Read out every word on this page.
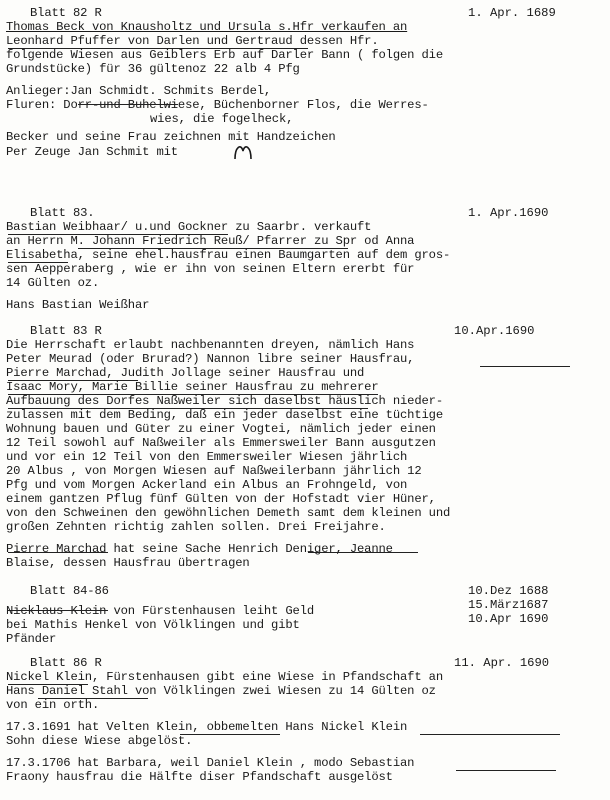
Blatt 82 R	1. Apr. 1689
Thomas Beck von Knausholtz und Ursula s.Hfr verkaufen an
Leonhard Pfuffer von Darlen und Gertraud dessen Hfr.
folgende Wiesen aus Geiblers Erb auf Darler Bann ( folgen die
Grundstücke) für 36 gültenoz 22 alb 4 Pfg
Anlieger:Jan Schmidt. Schmits Berdel,
Fluren: Dorr-und Buhelwiese, Büchenborner Flos, die Werres-
wies, die fogelheck,
Becker und seine Frau zeichnen mit Handzeichen
Per Zeuge Jan Schmit mit
Blatt 83.	1. Apr.1690
Bastian Weibhaar/ u.und Gockner zu Saarbr. verkauft
an Herrn M. Johann Friedrich Reuß/ Pfarrer zu Spr od Anna
Elisabetha, seine ehel.hausfrau einen Baumgarten auf dem gros-
sen Aepperaberg , wie er ihn von seinen Eltern ererbt für
14 Gülten oz.
Hans Bastian Weißhar
Blatt 83 R	10.Apr.1690
Die Herrschaft erlaubt nachbenannten dreyen, nämlich Hans
Peter Meurad (oder Brurad?) Nannon libre seiner Hausfrau,
Pierre Marchad, Judith Jollage seiner Hausfrau und
Isaac Mory, Marie Billie seiner Hausfrau zu mehrerer
Aufbauung des Dorfes Naßweiler sich daselbst häuslich nieder-
zulassen mit dem Beding, daß ein jeder daselbst eine tüchtige
Wohnung bauen und Güter zu einer Vogtei, nämlich jeder einen
12 Teil sowohl auf Naßweiler als Emmersweiler Bann ausgutzen
und vor ein 12 Teil von den Emmersweiler Wiesen jährlich
20 Albus , von Morgen Wiesen auf Naßweilerbann jährlich 12
Pfg und vom Morgen Ackerland ein Albus an Frohngeld, von
einem gantzen Pflug fünf Gülten von der Hofstadt vier Hüner,
von den Schweinen den gewöhnlichen Demeth samt dem kleinen und
großen Zehnten richtig zahlen sollen. Drei Freijahre.
Pierre Marchad hat seine Sache Henrich Deniger, Jeanne
Blaise, dessen Hausfrau übertragen
Blatt 84-86	10.Dez 1688
15.März1687
10.Apr 1690
Nicklaus Klein von Fürstenhausen leiht Geld
bei Mathis Henkel von Völklingen und gibt
Pfänder
Blatt 86 R	11. Apr. 1690
Nickel Klein, Fürstenhausen gibt eine Wiese in Pfandschaft an
Hans Daniel Stahl von Völklingen zwei Wiesen zu 14 Gülten oz
von ein orth.
17.3.1691 hat Velten Klein, obbemelten Hans Nickel Klein
Sohn diese Wiese abgelöst.
17.3.1706 hat Barbara, weil Daniel Klein , modo Sebastian
Fraony hausfrau die Hälfte diser Pfandschaft ausgelöst
